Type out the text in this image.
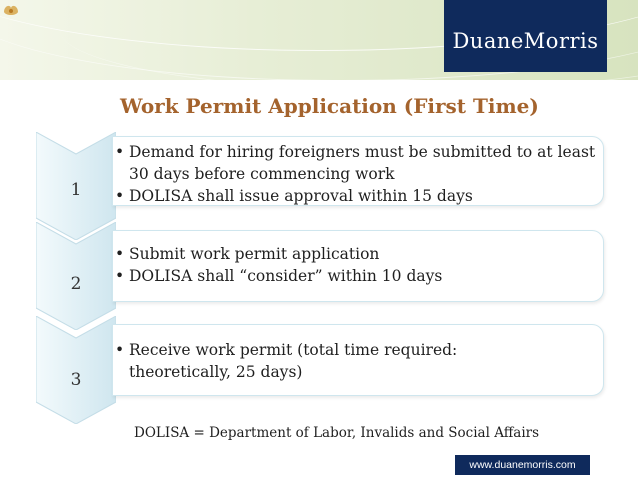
DuaneMorris
Work Permit Application (First Time)
1
• Demand for hiring foreigners must be submitted to at least 30 days before commencing work
• DOLISA shall issue approval within 15 days
2
• Submit work permit application
• DOLISA shall “consider” within 10 days
3
• Receive work permit (total time required: theoretically, 25 days)
DOLISA = Department of Labor, Invalids and Social Affairs
www.duanemorris.com
